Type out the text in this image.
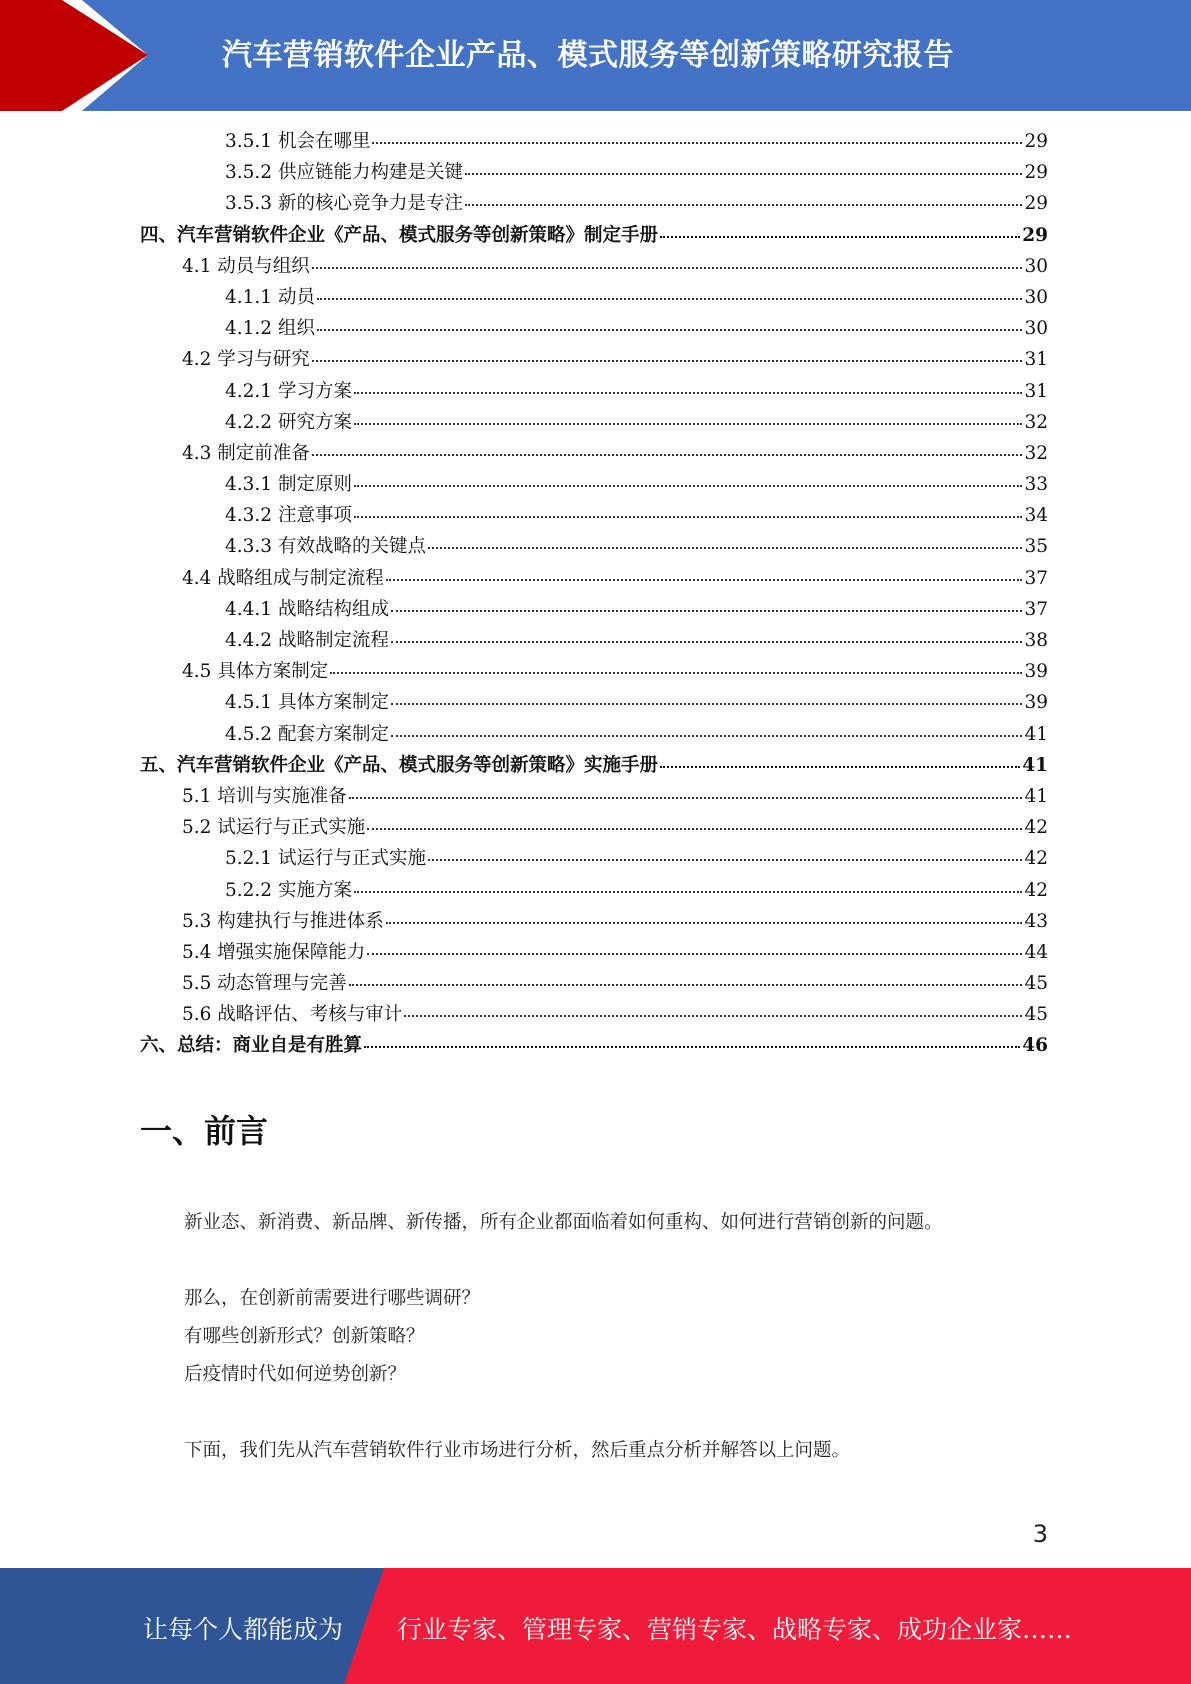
汽车营销软件企业产品、模式服务等创新策略研究报告
3.5.1 机会在哪里	29
3.5.2 供应链能力构建是关键	29
3.5.3 新的核心竞争力是专注	29
四、汽车营销软件企业《产品、模式服务等创新策略》制定手册	29
4.1 动员与组织	30
4.1.1 动员	30
4.1.2 组织	30
4.2 学习与研究	31
4.2.1 学习方案	31
4.2.2 研究方案	32
4.3 制定前准备	32
4.3.1 制定原则	33
4.3.2 注意事项	34
4.3.3 有效战略的关键点	35
4.4 战略组成与制定流程	37
4.4.1 战略结构组成	37
4.4.2 战略制定流程	38
4.5 具体方案制定	39
4.5.1 具体方案制定	39
4.5.2 配套方案制定	41
五、汽车营销软件企业《产品、模式服务等创新策略》实施手册	41
5.1 培训与实施准备	41
5.2 试运行与正式实施	42
5.2.1 试运行与正式实施	42
5.2.2 实施方案	42
5.3 构建执行与推进体系	43
5.4 增强实施保障能力	44
5.5 动态管理与完善	45
5.6 战略评估、考核与审计	45
六、总结：商业自是有胜算	46
一、前言
新业态、新消费、新品牌、新传播，所有企业都面临着如何重构、如何进行营销创新的问题。
那么，在创新前需要进行哪些调研？
有哪些创新形式？创新策略？
后疫情时代如何逆势创新？
下面，我们先从汽车营销软件行业市场进行分析，然后重点分析并解答以上问题。
3
让每个人都能成为 行业专家、管理专家、营销专家、战略专家、成功企业家……
